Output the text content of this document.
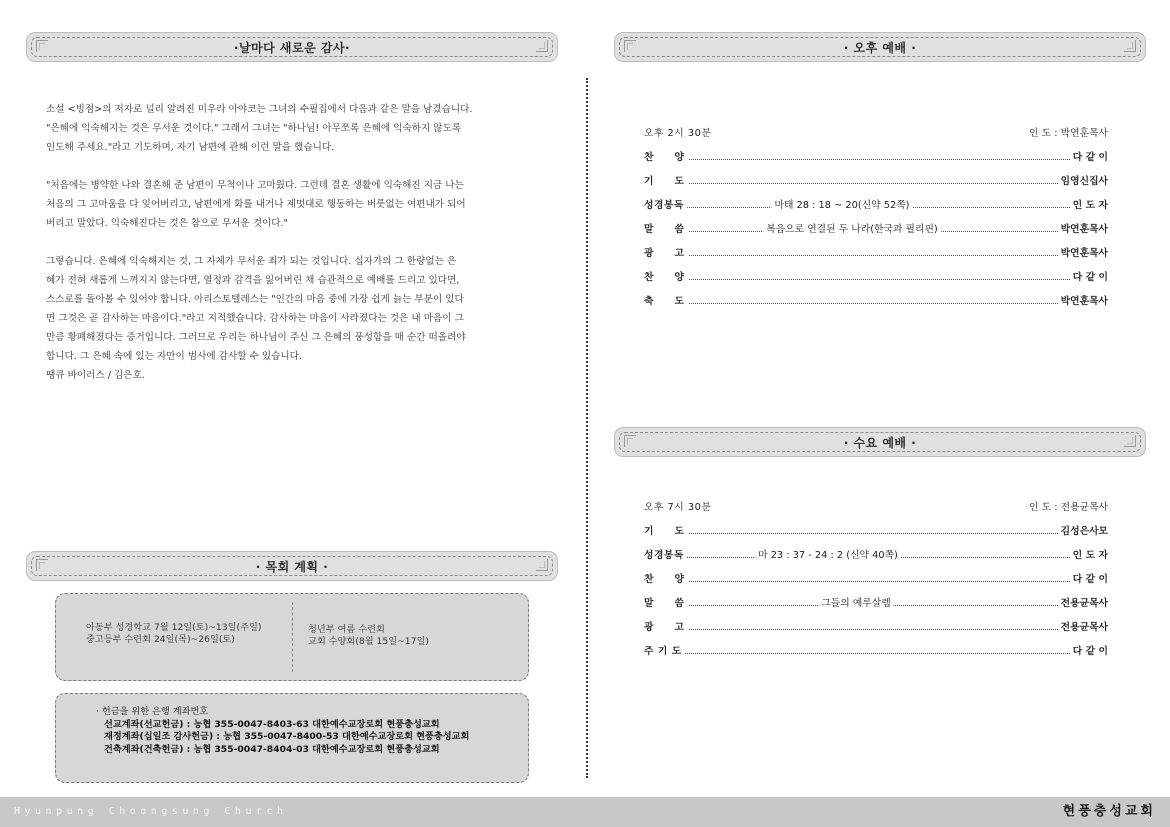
·날마다 새로운 감사·

소설 <빙점>의 저자로 널리 알려진 미우라 아야코는 그녀의 수필집에서 다음과 같은 말을 남겼습니다.

"은혜에 익숙해지는 것은 무서운 것이다." 그래서 그녀는 "하나님! 아무쪼록 은혜에 익숙하지 않도록

인도해 주세요."라고 기도하며, 자기 남편에 관해 이런 말을 했습니다.

"처음에는 병약한 나와 결혼해 준 남편이 무척이나 고마웠다. 그런데 결혼 생활에 익숙해진 지금 나는

처음의 그 고마움을 다 잊어버리고, 남편에게 화를 내거나 제멋대로 행동하는 버릇없는 여편내가 되어

버리고 말았다. 익숙해진다는 것은 참으로 무서운 것이다."

그렇습니다. 은혜에 익숙해지는 것, 그 자체가 무서운 죄가 되는 것입니다. 십자가의 그 한량없는 은

혜가 전혀 새롭게 느껴지지 않는다면, 열정과 감격을 잃어버린 채 습관적으로 예배를 드리고 있다면,

스스로를 돌아볼 수 있어야 합니다. 아리스토텔레스는 "인간의 마음 중에 가장 쉽게 늙는 부분이 있다

면 그것은 곧 감사하는 마음이다."라고 지적했습니다. 감사하는 마음이 사라졌다는 것은 내 마음이 그

만큼 황폐해졌다는 증거입니다. 그러므로 우리는 하나님이 주신 그 은혜의 풍성함을 매 순간 떠올려야

합니다. 그 은혜 속에 있는 자만이 범사에 감사할 수 있습니다.

땡큐 바이러스 / 김은호.

· 목회 계획 ·
아동부 성경학교 7월 12일(토)~13일(주일)
중고등부 수련회 24일(목)~26일(토)
청년부 여름 수련회
교회 수양회(8월 15일~17일)
· 헌금을 위한 은행 계좌번호
선교계좌(선교헌금) : 농협 355-0047-8403-63 대한예수교장로회 현풍충성교회
재정계좌(십일조 감사헌금) : 농협 355-0047-8400-53 대한예수교장로회 현풍충성교회
건축계좌(건축헌금) : 농협 355-0047-8404-03 대한예수교장로회 현풍충성교회
· 오후 예배 ·
오후 2시 30분	인 도 : 박연훈목사
찬　　양	다 같 이
기　　도	임영신집사
성경봉독	마태 28 : 18 ~ 20(신약 52쪽)	인 도 자
말　　씀	복음으로 연결된 두 나라(한국과 필리핀)	박연훈목사
광　　고	박연훈목사
찬　　양	다 같 이
축　　도	박연훈목사
· 수요 예배 ·
오후 7시 30분	인 도 : 전용균목사
기　　도	김성은사모
성경봉독	마 23 : 37 - 24 : 2 (신약 40쪽)	인 도 자
찬　　양	다 같 이
말　　씀	그들의 예루살렘	전용균목사
광　　고	전용균목사
주 기 도	다 같 이
Hyunpung Choongsung Church	현풍충성교회
